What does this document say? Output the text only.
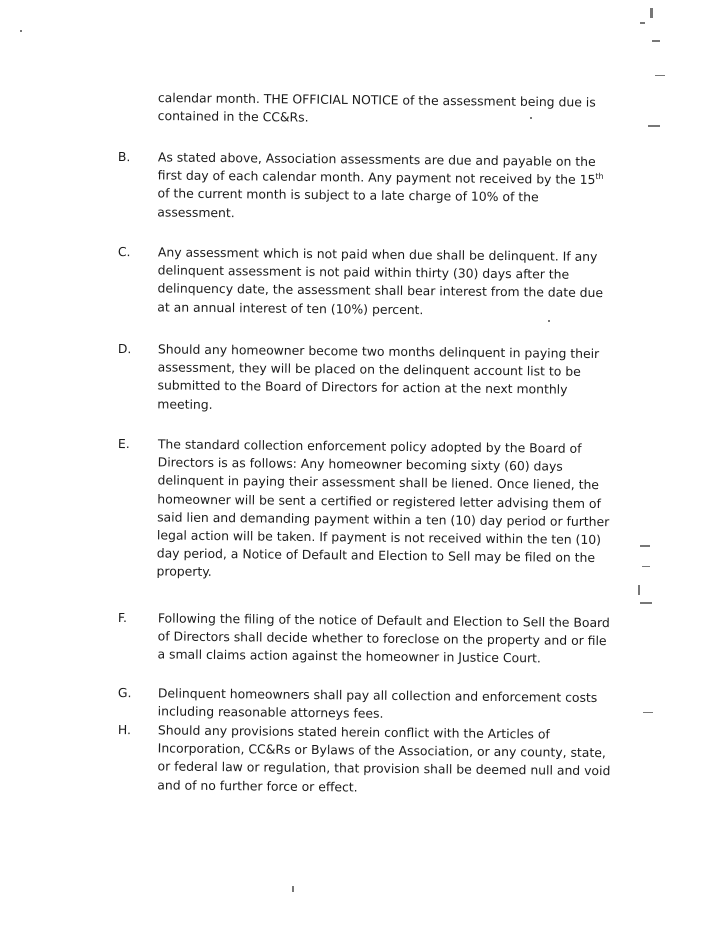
calendar month. THE OFFICIAL NOTICE of the assessment being due is
contained in the CC&Rs.
B. As stated above, Association assessments are due and payable on the first day of each calendar month. Any payment not received by the 15th of the current month is subject to a late charge of 10% of the assessment.
C. Any assessment which is not paid when due shall be delinquent. If any delinquent assessment is not paid within thirty (30) days after the delinquency date, the assessment shall bear interest from the date due at an annual interest of ten (10%) percent.
D. Should any homeowner become two months delinquent in paying their assessment, they will be placed on the delinquent account list to be submitted to the Board of Directors for action at the next monthly meeting.
E. The standard collection enforcement policy adopted by the Board of Directors is as follows: Any homeowner becoming sixty (60) days delinquent in paying their assessment shall be liened. Once liened, the homeowner will be sent a certified or registered letter advising them of said lien and demanding payment within a ten (10) day period or further legal action will be taken. If payment is not received within the ten (10) day period, a Notice of Default and Election to Sell may be filed on the property.
F. Following the filing of the notice of Default and Election to Sell the Board of Directors shall decide whether to foreclose on the property and or file a small claims action against the homeowner in Justice Court.
G. Delinquent homeowners shall pay all collection and enforcement costs including reasonable attorneys fees.
H. Should any provisions stated herein conflict with the Articles of Incorporation, CC&Rs or Bylaws of the Association, or any county, state, or federal law or regulation, that provision shall be deemed null and void and of no further force or effect.
